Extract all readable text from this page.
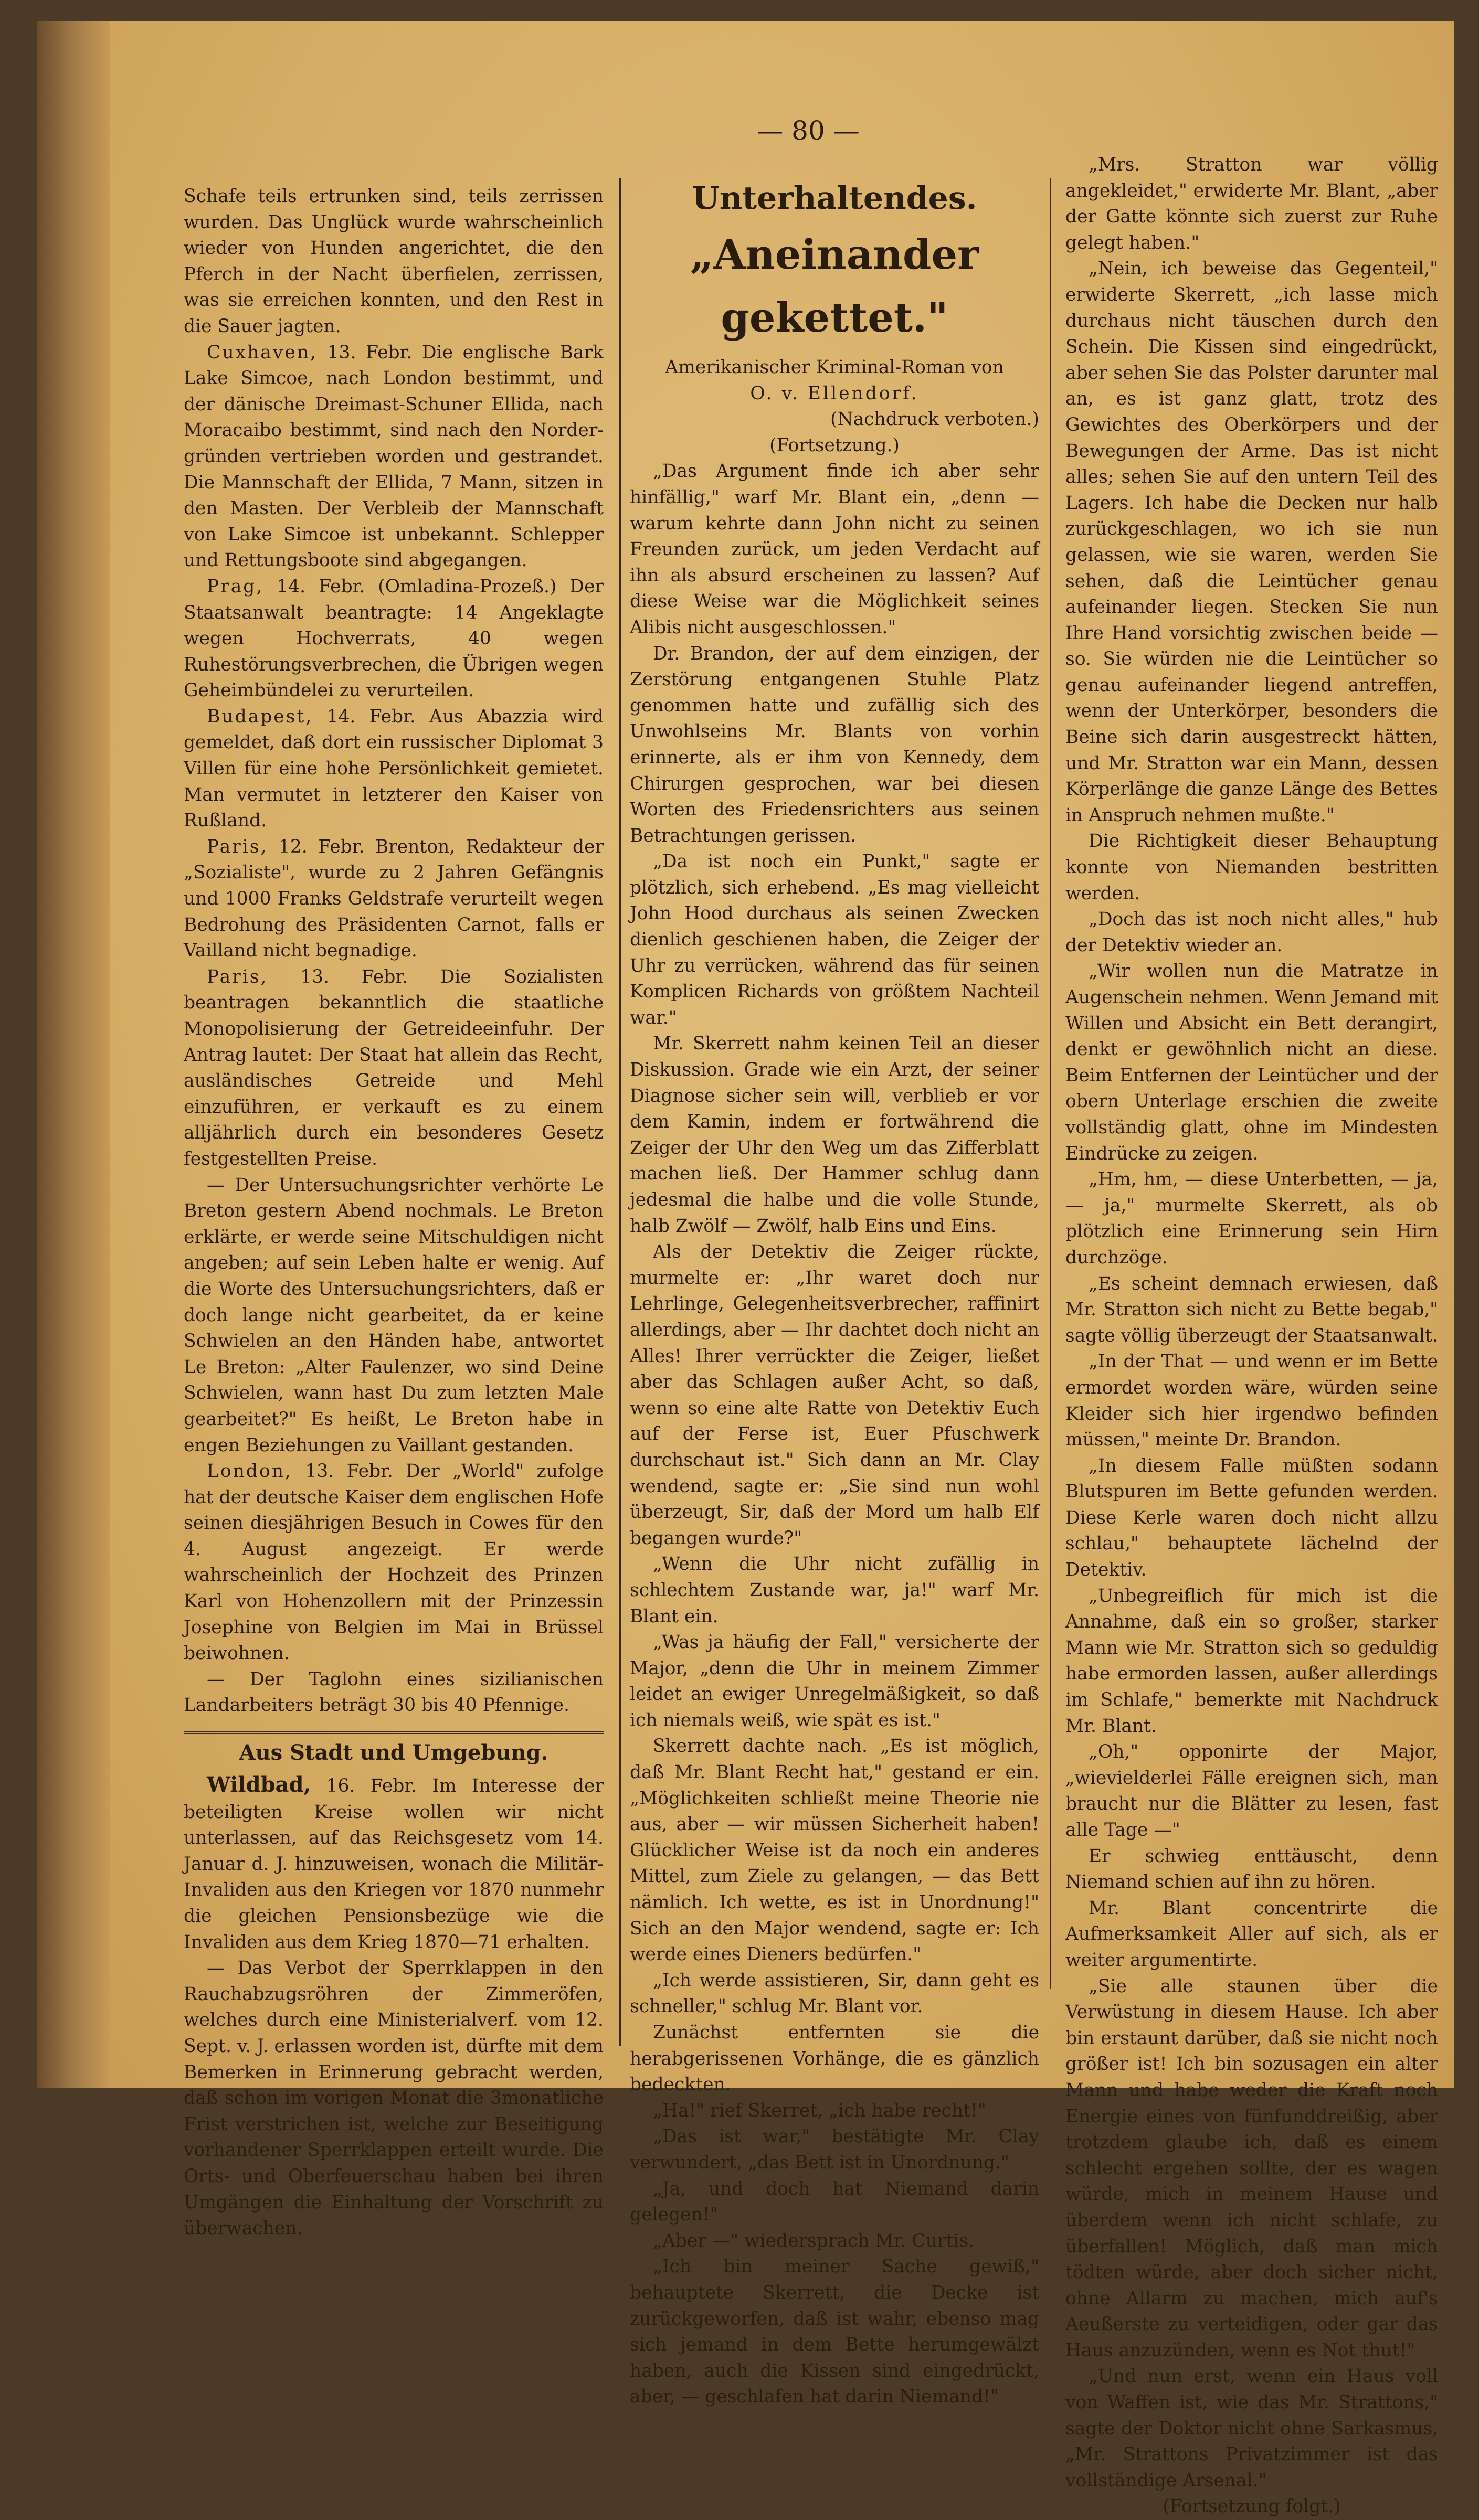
— 80 —

Schafe teils ertrunken sind, teils zerrissen wurden. Das Unglück wurde wahrscheinlich wieder von Hunden angerichtet, die den Pferch in der Nacht überfielen, zerrissen, was sie erreichen konnten, und den Rest in die Sauer jagten.

Cuxhaven, 13. Febr. Die englische Bark Lake Simcoe, nach London bestimmt, und der dänische Dreimast-Schuner Ellida, nach Moracaibo bestimmt, sind nach den Norder-gründen vertrieben worden und gestrandet. Die Mannschaft der Ellida, 7 Mann, sitzen in den Masten. Der Verbleib der Mannschaft von Lake Simcoe ist unbekannt. Schlepper und Rettungsboote sind abgegangen.

Prag, 14. Febr. (Omladina-Prozeß.) Der Staatsanwalt beantragte: 14 Angeklagte wegen Hochverrats, 40 wegen Ruhestörungsverbrechen, die Übrigen wegen Geheimbündelei zu verurteilen.

Budapest, 14. Febr. Aus Abazzia wird gemeldet, daß dort ein russischer Diplomat 3 Villen für eine hohe Persönlichkeit gemietet. Man vermutet in letzterer den Kaiser von Rußland.

Paris, 12. Febr. Brenton, Redakteur der „Sozialiste", wurde zu 2 Jahren Gefängnis und 1000 Franks Geldstrafe verurteilt wegen Bedrohung des Präsidenten Carnot, falls er Vailland nicht begnadige.

Paris, 13. Febr. Die Sozialisten beantragen bekanntlich die staatliche Monopolisierung der Getreideeinfuhr. Der Antrag lautet: Der Staat hat allein das Recht, ausländisches Getreide und Mehl einzuführen, er verkauft es zu einem alljährlich durch ein besonderes Gesetz festgestellten Preise.

— Der Untersuchungsrichter verhörte Le Breton gestern Abend nochmals. Le Breton erklärte, er werde seine Mitschuldigen nicht angeben; auf sein Leben halte er wenig. Auf die Worte des Untersuchungsrichters, daß er doch lange nicht gearbeitet, da er keine Schwielen an den Händen habe, antwortet Le Breton: „Alter Faulenzer, wo sind Deine Schwielen, wann hast Du zum letzten Male gearbeitet?" Es heißt, Le Breton habe in engen Beziehungen zu Vaillant gestanden.

London, 13. Febr. Der „World" zufolge hat der deutsche Kaiser dem englischen Hofe seinen diesjährigen Besuch in Cowes für den 4. August angezeigt. Er werde wahrscheinlich der Hochzeit des Prinzen Karl von Hohenzollern mit der Prinzessin Josephine von Belgien im Mai in Brüssel beiwohnen.

— Der Taglohn eines sizilianischen Landarbeiters beträgt 30 bis 40 Pfennige.

Aus Stadt und Umgebung.

Wildbad, 16. Febr. Im Interesse der beteiligten Kreise wollen wir nicht unterlassen, auf das Reichsgesetz vom 14. Januar d. J. hinzuweisen, wonach die Militär-Invaliden aus den Kriegen vor 1870 nunmehr die gleichen Pensionsbezüge wie die Invaliden aus dem Krieg 1870—71 erhalten.

— Das Verbot der Sperrklappen in den Rauchabzugsröhren der Zimmeröfen, welches durch eine Ministerialverf. vom 12. Sept. v. J. erlassen worden ist, dürfte mit dem Bemerken in Erinnerung gebracht werden, daß schon im vorigen Monat die 3monatliche Frist verstrichen ist, welche zur Beseitigung vorhandener Sperrklappen erteilt wurde. Die Orts- und Oberfeuerschau haben bei ihren Umgängen die Einhaltung der Vorschrift zu überwachen.

Unterhaltendes.
„Aneinander gekettet."

Amerikanischer Kriminal-Roman von

O. v. Ellendorf.

(Nachdruck verboten.)

(Fortsetzung.)

„Das Argument finde ich aber sehr hinfällig," warf Mr. Blant ein, „denn — warum kehrte dann John nicht zu seinen Freunden zurück, um jeden Verdacht auf ihn als absurd erscheinen zu lassen? Auf diese Weise war die Möglichkeit seines Alibis nicht ausgeschlossen."

Dr. Brandon, der auf dem einzigen, der Zerstörung entgangenen Stuhle Platz genommen hatte und zufällig sich des Unwohlseins Mr. Blants von vorhin erinnerte, als er ihm von Kennedy, dem Chirurgen gesprochen, war bei diesen Worten des Friedensrichters aus seinen Betrachtungen gerissen.

„Da ist noch ein Punkt," sagte er plötzlich, sich erhebend. „Es mag vielleicht John Hood durchaus als seinen Zwecken dienlich geschienen haben, die Zeiger der Uhr zu verrücken, während das für seinen Komplicen Richards von größtem Nachteil war."

Mr. Skerrett nahm keinen Teil an dieser Diskussion. Grade wie ein Arzt, der seiner Diagnose sicher sein will, verblieb er vor dem Kamin, indem er fortwährend die Zeiger der Uhr den Weg um das Zifferblatt machen ließ. Der Hammer schlug dann jedesmal die halbe und die volle Stunde, halb Zwölf — Zwölf, halb Eins und Eins.

Als der Detektiv die Zeiger rückte, murmelte er: „Ihr waret doch nur Lehrlinge, Gelegenheitsverbrecher, raffinirt allerdings, aber — Ihr dachtet doch nicht an Alles! Ihrer verrückter die Zeiger, ließet aber das Schlagen außer Acht, so daß, wenn so eine alte Ratte von Detektiv Euch auf der Ferse ist, Euer Pfuschwerk durchschaut ist." Sich dann an Mr. Clay wendend, sagte er: „Sie sind nun wohl überzeugt, Sir, daß der Mord um halb Elf begangen wurde?"

„Wenn die Uhr nicht zufällig in schlechtem Zustande war, ja!" warf Mr. Blant ein.

„Was ja häufig der Fall," versicherte der Major, „denn die Uhr in meinem Zimmer leidet an ewiger Unregelmäßigkeit, so daß ich niemals weiß, wie spät es ist."

Skerrett dachte nach. „Es ist möglich, daß Mr. Blant Recht hat," gestand er ein. „Möglichkeiten schließt meine Theorie nie aus, aber — wir müssen Sicherheit haben! Glücklicher Weise ist da noch ein anderes Mittel, zum Ziele zu gelangen, — das Bett nämlich. Ich wette, es ist in Unordnung!" Sich an den Major wendend, sagte er: Ich werde eines Dieners bedürfen."

„Ich werde assistieren, Sir, dann geht es schneller," schlug Mr. Blant vor.

Zunächst entfernten sie die herabgerissenen Vorhänge, die es gänzlich bedeckten.

„Ha!" rief Skerret, „ich habe recht!"

„Das ist war," bestätigte Mr. Clay verwundert, „das Bett ist in Unordnung."

„Ja, und doch hat Niemand darin gelegen!"

„Aber —" wiedersprach Mr. Curtis.

„Ich bin meiner Sache gewiß," behauptete Skerrett, die Decke ist zurückgeworfen, daß ist wahr, ebenso mag sich jemand in dem Bette herumgewälzt haben, auch die Kissen sind eingedrückt, aber, — geschlafen hat darin Niemand!"

„Mrs. Stratton war völlig angekleidet," erwiderte Mr. Blant, „aber der Gatte könnte sich zuerst zur Ruhe gelegt haben."

„Nein, ich beweise das Gegenteil," erwiderte Skerrett, „ich lasse mich durchaus nicht täuschen durch den Schein. Die Kissen sind eingedrückt, aber sehen Sie das Polster darunter mal an, es ist ganz glatt, trotz des Gewichtes des Oberkörpers und der Bewegungen der Arme. Das ist nicht alles; sehen Sie auf den untern Teil des Lagers. Ich habe die Decken nur halb zurückgeschlagen, wo ich sie nun gelassen, wie sie waren, werden Sie sehen, daß die Leintücher genau aufeinander liegen. Stecken Sie nun Ihre Hand vorsichtig zwischen beide — so. Sie würden nie die Leintücher so genau aufeinander liegend antreffen, wenn der Unterkörper, besonders die Beine sich darin ausgestreckt hätten, und Mr. Stratton war ein Mann, dessen Körperlänge die ganze Länge des Bettes in Anspruch nehmen mußte."

Die Richtigkeit dieser Behauptung konnte von Niemanden bestritten werden.

„Doch das ist noch nicht alles," hub der Detektiv wieder an.

„Wir wollen nun die Matratze in Augenschein nehmen. Wenn Jemand mit Willen und Absicht ein Bett derangirt, denkt er gewöhnlich nicht an diese. Beim Entfernen der Leintücher und der obern Unterlage erschien die zweite vollständig glatt, ohne im Mindesten Eindrücke zu zeigen.

„Hm, hm, — diese Unterbetten, — ja, — ja," murmelte Skerrett, als ob plötzlich eine Erinnerung sein Hirn durchzöge.

„Es scheint demnach erwiesen, daß Mr. Stratton sich nicht zu Bette begab," sagte völlig überzeugt der Staatsanwalt.

„In der That — und wenn er im Bette ermordet worden wäre, würden seine Kleider sich hier irgendwo befinden müssen," meinte Dr. Brandon.

„In diesem Falle müßten sodann Blutspuren im Bette gefunden werden. Diese Kerle waren doch nicht allzu schlau," behauptete lächelnd der Detektiv.

„Unbegreiflich für mich ist die Annahme, daß ein so großer, starker Mann wie Mr. Stratton sich so geduldig habe ermorden lassen, außer allerdings im Schlafe," bemerkte mit Nachdruck Mr. Blant.

„Oh," opponirte der Major, „wievielderlei Fälle ereignen sich, man braucht nur die Blätter zu lesen, fast alle Tage —"

Er schwieg enttäuscht, denn Niemand schien auf ihn zu hören.

Mr. Blant concentrirte die Aufmerksamkeit Aller auf sich, als er weiter argumentirte.

„Sie alle staunen über die Verwüstung in diesem Hause. Ich aber bin erstaunt darüber, daß sie nicht noch größer ist! Ich bin sozusagen ein alter Mann und habe weder die Kraft noch Energie eines von fünfunddreißig, aber trotzdem glaube ich, daß es einem schlecht ergehen sollte, der es wagen würde, mich in meinem Hause und überdem wenn ich nicht schlafe, zu überfallen! Möglich, daß man mich tödten würde, aber doch sicher nicht, ohne Allarm zu machen, mich auf's Aeußerste zu verteidigen, oder gar das Haus anzuzünden, wenn es Not thut!"

„Und nun erst, wenn ein Haus voll von Waffen ist, wie das Mr. Strattons," sagte der Doktor nicht ohne Sarkasmus, „Mr. Strattons Privatzimmer ist das vollständige Arsenal."

(Fortsetzung folgt.)
